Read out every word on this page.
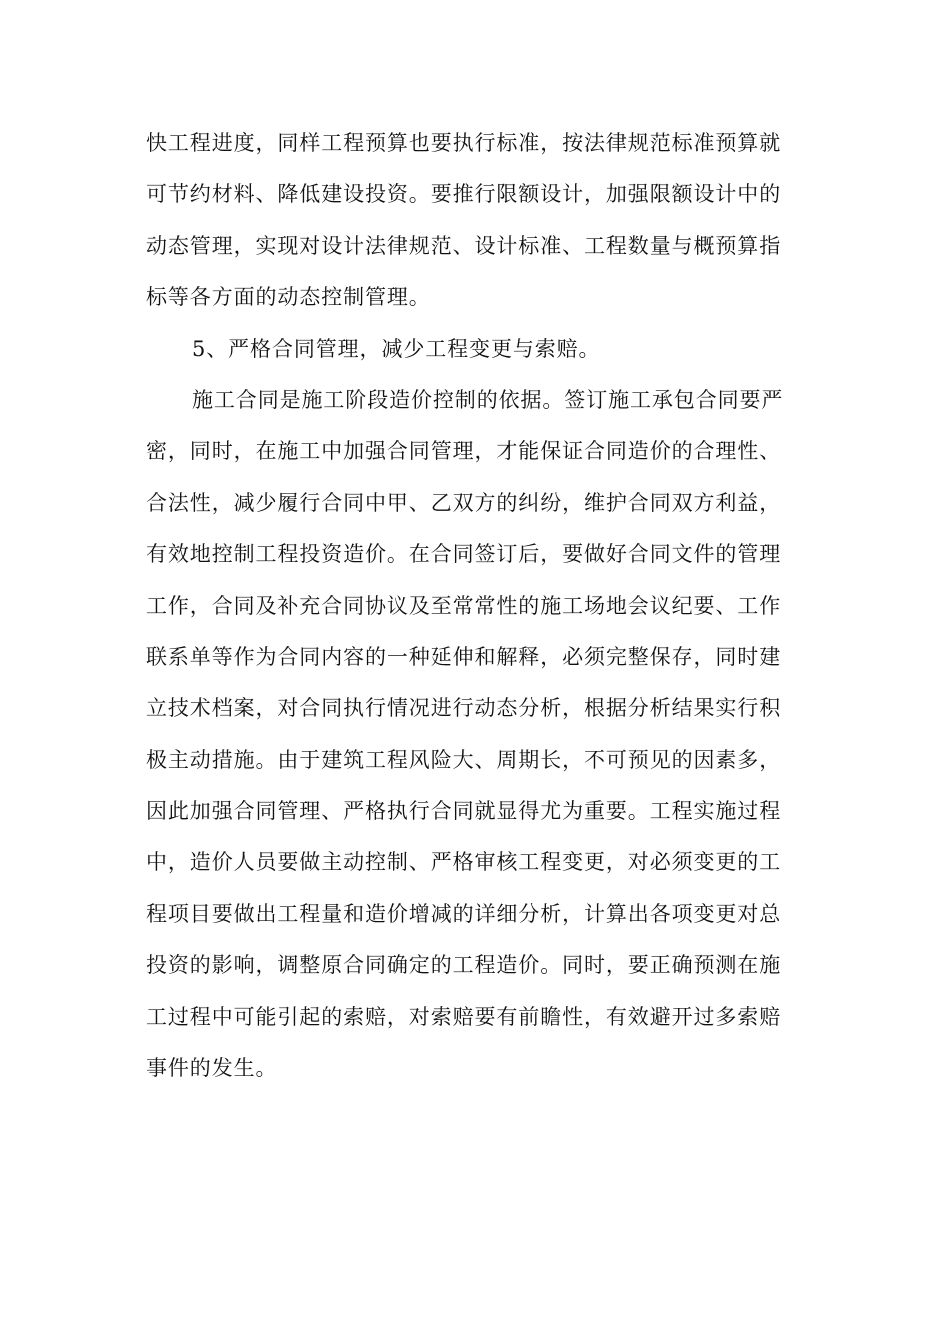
快工程进度，同样工程预算也要执行标准，按法律规范标准预算就
可节约材料、降低建设投资。要推行限额设计，加强限额设计中的
动态管理，实现对设计法律规范、设计标准、工程数量与概预算指
标等各方面的动态控制管理。
5、严格合同管理，减少工程变更与索赔。
施工合同是施工阶段造价控制的依据。签订施工承包合同要严
密，同时，在施工中加强合同管理，才能保证合同造价的合理性、
合法性，减少履行合同中甲、乙双方的纠纷，维护合同双方利益，
有效地控制工程投资造价。在合同签订后，要做好合同文件的管理
工作，合同及补充合同协议及至常常性的施工场地会议纪要、工作
联系单等作为合同内容的一种延伸和解释，必须完整保存，同时建
立技术档案，对合同执行情况进行动态分析，根据分析结果实行积
极主动措施。由于建筑工程风险大、周期长，不可预见的因素多，
因此加强合同管理、严格执行合同就显得尤为重要。工程实施过程
中，造价人员要做主动控制、严格审核工程变更，对必须变更的工
程项目要做出工程量和造价增减的详细分析，计算出各项变更对总
投资的影响，调整原合同确定的工程造价。同时，要正确预测在施
工过程中可能引起的索赔，对索赔要有前瞻性，有效避开过多索赔
事件的发生。
